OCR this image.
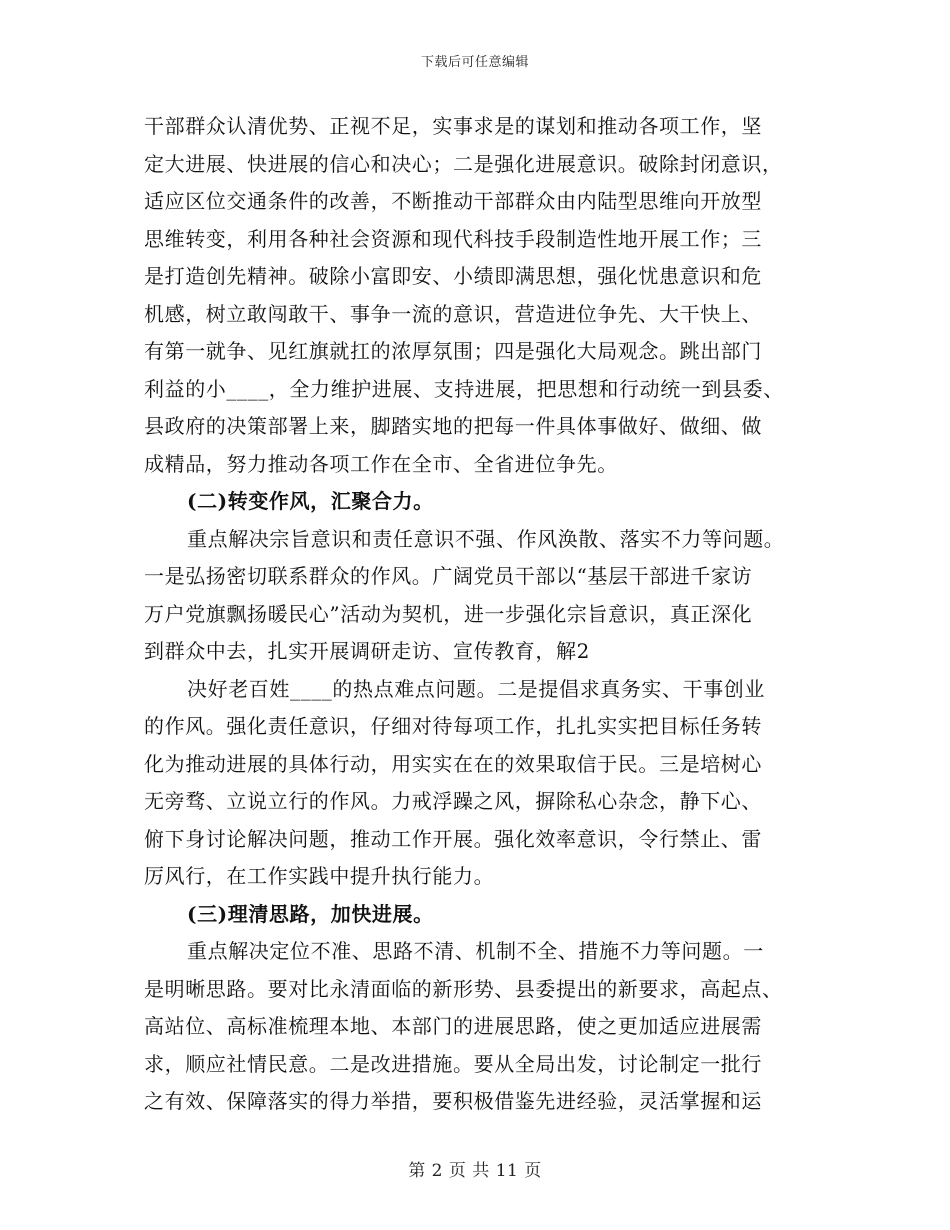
下载后可任意编辑
干部群众认清优势、正视不足，实事求是的谋划和推动各项工作，坚
定大进展、快进展的信心和决心；二是强化进展意识。破除封闭意识，
适应区位交通条件的改善，不断推动干部群众由内陆型思维向开放型
思维转变，利用各种社会资源和现代科技手段制造性地开展工作；三
是打造创先精神。破除小富即安、小绩即满思想，强化忧患意识和危
机感，树立敢闯敢干、事争一流的意识，营造进位争先、大干快上、
有第一就争、见红旗就扛的浓厚氛围；四是强化大局观念。跳出部门
利益的小____，全力维护进展、支持进展，把思想和行动统一到县委、
县政府的决策部署上来，脚踏实地的把每一件具体事做好、做细、做
成精品，努力推动各项工作在全市、全省进位争先。
(二)转变作风，汇聚合力。
重点解决宗旨意识和责任意识不强、作风涣散、落实不力等问题。
一是弘扬密切联系群众的作风。广阔党员干部以“基层干部进千家访
万户党旗飘扬暖民心”活动为契机，进一步强化宗旨意识，真正深化
到群众中去，扎实开展调研走访、宣传教育，解2
决好老百姓____的热点难点问题。二是提倡求真务实、干事创业
的作风。强化责任意识，仔细对待每项工作，扎扎实实把目标任务转
化为推动进展的具体行动，用实实在在的效果取信于民。三是培树心
无旁骛、立说立行的作风。力戒浮躁之风，摒除私心杂念，静下心、
俯下身讨论解决问题，推动工作开展。强化效率意识，令行禁止、雷
厉风行，在工作实践中提升执行能力。
(三)理清思路，加快进展。
重点解决定位不准、思路不清、机制不全、措施不力等问题。一
是明晰思路。要对比永清面临的新形势、县委提出的新要求，高起点、
高站位、高标准梳理本地、本部门的进展思路，使之更加适应进展需
求，顺应社情民意。二是改进措施。要从全局出发，讨论制定一批行
之有效、保障落实的得力举措，要积极借鉴先进经验，灵活掌握和运
第 2 页 共 11 页
